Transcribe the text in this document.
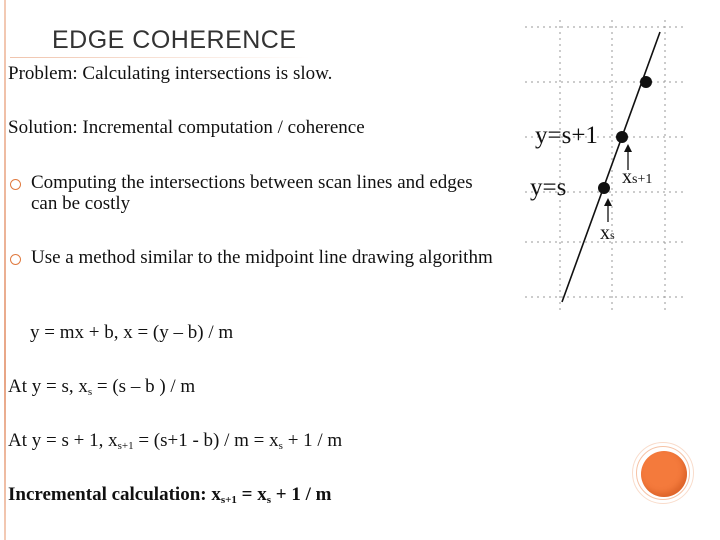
EDGE COHERENCE
Problem: Calculating intersections is slow.
Solution: Incremental computation / coherence
Computing the intersections between scan lines and edges can be costly
Use a method similar to the midpoint line drawing algorithm
y = mx + b, x = (y – b) / m
At y = s, $x_s = (s - b$ ) / m
At y = s + 1, $x_{s+1} = (s+1 - b) / m = x_s + 1 / m$
Incremental calculation: $x_{s+1} = x_s + 1 / m$
y=s+1
y=s	xs+1
xs
